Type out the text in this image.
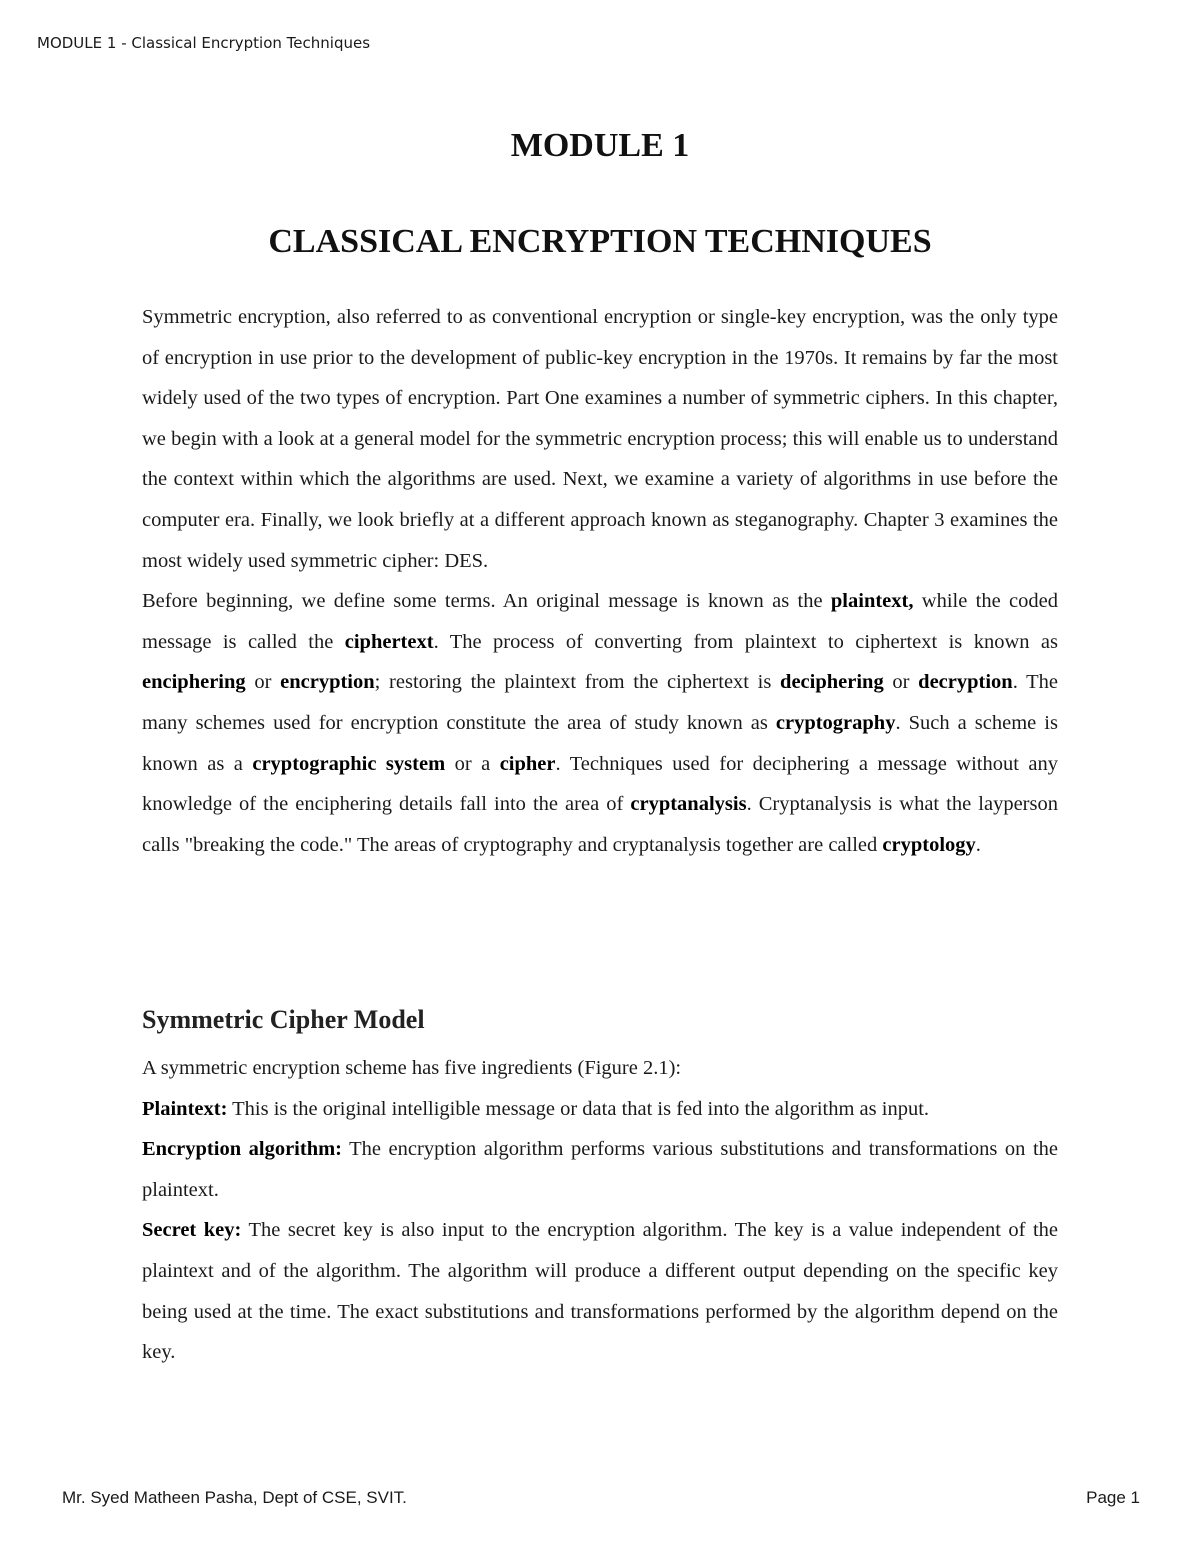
MODULE 1 - Classical Encryption Techniques
MODULE 1
CLASSICAL ENCRYPTION TECHNIQUES

Symmetric encryption, also referred to as conventional encryption or single-key encryption, was the only type of encryption in use prior to the development of public-key encryption in the 1970s. It remains by far the most widely used of the two types of encryption. Part One examines a number of symmetric ciphers. In this chapter, we begin with a look at a general model for the symmetric encryption process; this will enable us to understand the context within which the algorithms are used. Next, we examine a variety of algorithms in use before the computer era. Finally, we look briefly at a different approach known as steganography. Chapter 3 examines the most widely used symmetric cipher: DES.

Before beginning, we define some terms. An original message is known as the plaintext, while the coded message is called the ciphertext. The process of converting from plaintext to ciphertext is known as enciphering or encryption; restoring the plaintext from the ciphertext is deciphering or decryption. The many schemes used for encryption constitute the area of study known as cryptography. Such a scheme is known as a cryptographic system or a cipher. Techniques used for deciphering a message without any knowledge of the enciphering details fall into the area of cryptanalysis. Cryptanalysis is what the layperson calls "breaking the code." The areas of cryptography and cryptanalysis together are called cryptology.

Symmetric Cipher Model

A symmetric encryption scheme has five ingredients (Figure 2.1):

Plaintext: This is the original intelligible message or data that is fed into the algorithm as input.

Encryption algorithm: The encryption algorithm performs various substitutions and transformations on the plaintext.

Secret key: The secret key is also input to the encryption algorithm. The key is a value independent of the plaintext and of the algorithm. The algorithm will produce a different output depending on the specific key being used at the time. The exact substitutions and transformations performed by the algorithm depend on the key.

Mr. Syed Matheen Pasha, Dept of CSE, SVIT.	Page 1
